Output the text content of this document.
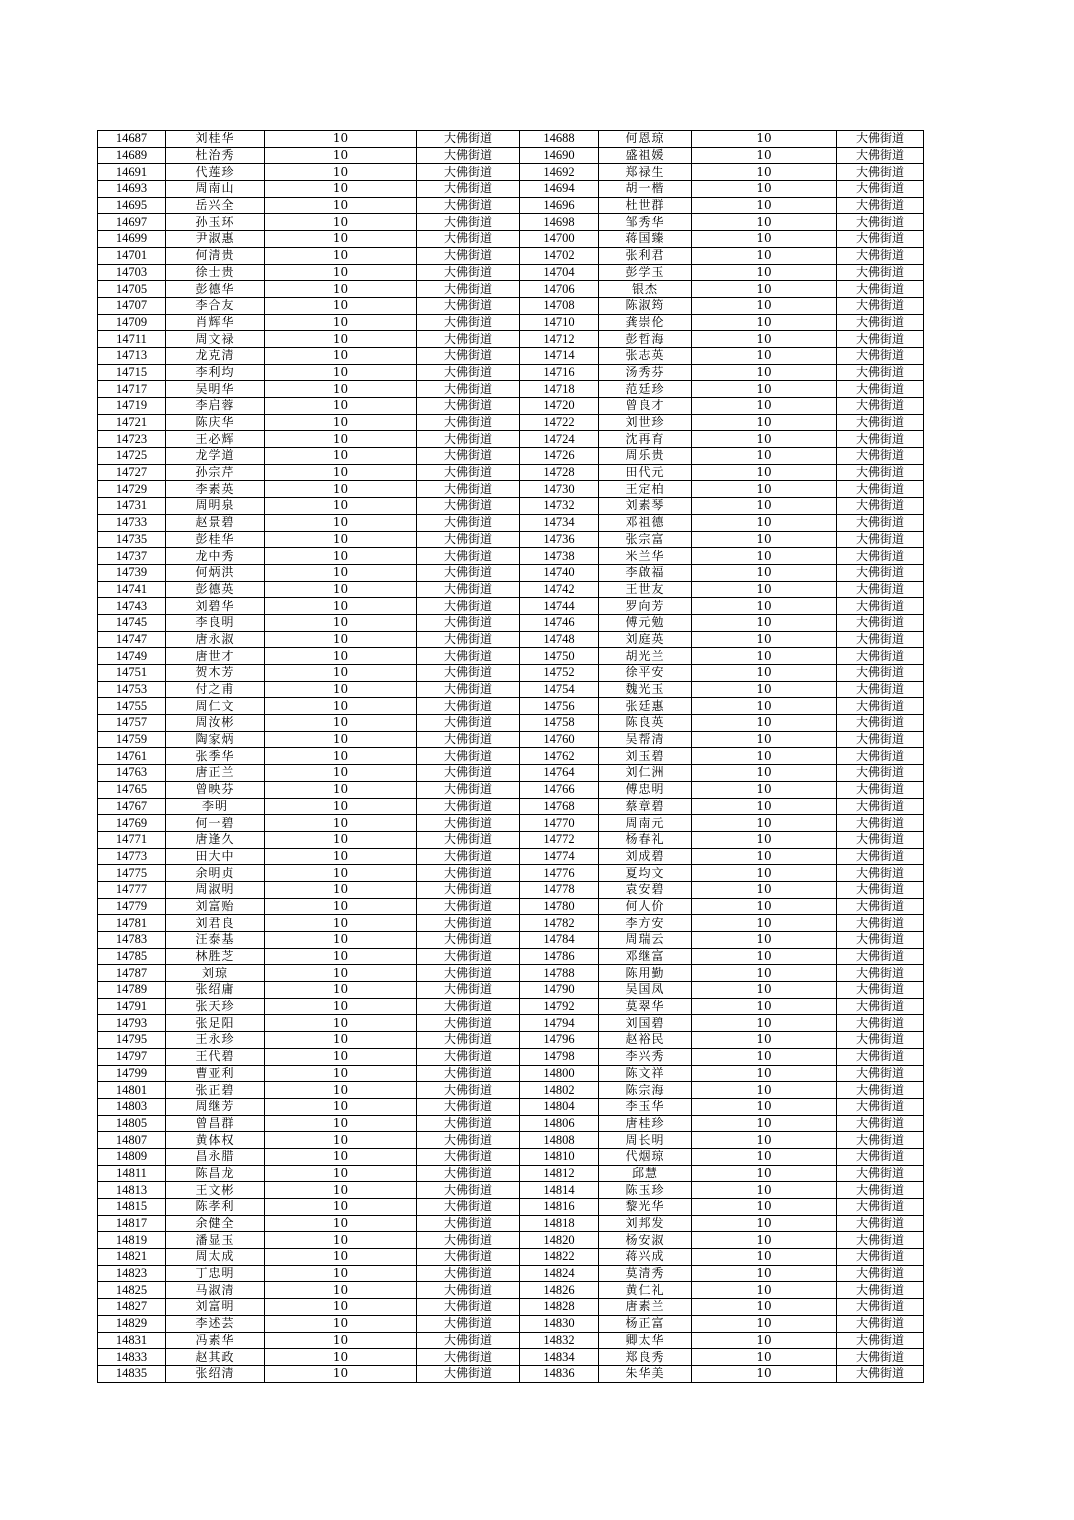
14687	刘桂华	10	大佛街道	14688	何恩琼	10	大佛街道
14689	杜治秀	10	大佛街道	14690	盛祖媛	10	大佛街道
14691	代莲珍	10	大佛街道	14692	郑禄生	10	大佛街道
14693	周南山	10	大佛街道	14694	胡一楷	10	大佛街道
14695	岳兴全	10	大佛街道	14696	杜世群	10	大佛街道
14697	孙玉环	10	大佛街道	14698	邹秀华	10	大佛街道
14699	尹淑惠	10	大佛街道	14700	蒋国臻	10	大佛街道
14701	何清贵	10	大佛街道	14702	张利君	10	大佛街道
14703	徐士贵	10	大佛街道	14704	彭学玉	10	大佛街道
14705	彭德华	10	大佛街道	14706	银杰	10	大佛街道
14707	李合友	10	大佛街道	14708	陈淑筠	10	大佛街道
14709	肖辉华	10	大佛街道	14710	龚崇伦	10	大佛街道
14711	周文禄	10	大佛街道	14712	彭哲海	10	大佛街道
14713	龙克清	10	大佛街道	14714	张志英	10	大佛街道
14715	李利均	10	大佛街道	14716	汤秀芬	10	大佛街道
14717	吴明华	10	大佛街道	14718	范廷珍	10	大佛街道
14719	李启蓉	10	大佛街道	14720	曾良才	10	大佛街道
14721	陈庆华	10	大佛街道	14722	刘世珍	10	大佛街道
14723	王必辉	10	大佛街道	14724	沈再育	10	大佛街道
14725	龙学道	10	大佛街道	14726	周乐贵	10	大佛街道
14727	孙宗芹	10	大佛街道	14728	田代元	10	大佛街道
14729	李素英	10	大佛街道	14730	王定柏	10	大佛街道
14731	周明泉	10	大佛街道	14732	刘素琴	10	大佛街道
14733	赵景碧	10	大佛街道	14734	邓祖德	10	大佛街道
14735	彭桂华	10	大佛街道	14736	张宗富	10	大佛街道
14737	龙中秀	10	大佛街道	14738	米兰华	10	大佛街道
14739	何炳洪	10	大佛街道	14740	李啟福	10	大佛街道
14741	彭德英	10	大佛街道	14742	王世友	10	大佛街道
14743	刘碧华	10	大佛街道	14744	罗向芳	10	大佛街道
14745	李良明	10	大佛街道	14746	傅元勉	10	大佛街道
14747	唐永淑	10	大佛街道	14748	刘庭英	10	大佛街道
14749	唐世才	10	大佛街道	14750	胡光兰	10	大佛街道
14751	贺木芳	10	大佛街道	14752	徐平安	10	大佛街道
14753	付之甫	10	大佛街道	14754	魏光玉	10	大佛街道
14755	周仁文	10	大佛街道	14756	张廷惠	10	大佛街道
14757	周汝彬	10	大佛街道	14758	陈良英	10	大佛街道
14759	陶家炳	10	大佛街道	14760	吴帮清	10	大佛街道
14761	张季华	10	大佛街道	14762	刘玉碧	10	大佛街道
14763	唐正兰	10	大佛街道	14764	刘仁洲	10	大佛街道
14765	曾映芬	10	大佛街道	14766	傅忠明	10	大佛街道
14767	李明	10	大佛街道	14768	蔡章碧	10	大佛街道
14769	何一碧	10	大佛街道	14770	周南元	10	大佛街道
14771	唐逢久	10	大佛街道	14772	杨春礼	10	大佛街道
14773	田大中	10	大佛街道	14774	刘成碧	10	大佛街道
14775	余明贞	10	大佛街道	14776	夏均文	10	大佛街道
14777	周淑明	10	大佛街道	14778	袁安碧	10	大佛街道
14779	刘富贻	10	大佛街道	14780	何人价	10	大佛街道
14781	刘君良	10	大佛街道	14782	李方安	10	大佛街道
14783	汪泰基	10	大佛街道	14784	周瑞云	10	大佛街道
14785	林胜芝	10	大佛街道	14786	邓继富	10	大佛街道
14787	刘琼	10	大佛街道	14788	陈用勤	10	大佛街道
14789	张绍庸	10	大佛街道	14790	吴国凤	10	大佛街道
14791	张天珍	10	大佛街道	14792	莫翠华	10	大佛街道
14793	张足阳	10	大佛街道	14794	刘国碧	10	大佛街道
14795	王永珍	10	大佛街道	14796	赵裕民	10	大佛街道
14797	王代碧	10	大佛街道	14798	李兴秀	10	大佛街道
14799	曹亚利	10	大佛街道	14800	陈文祥	10	大佛街道
14801	张正碧	10	大佛街道	14802	陈宗海	10	大佛街道
14803	周继芳	10	大佛街道	14804	李玉华	10	大佛街道
14805	曾昌群	10	大佛街道	14806	唐桂珍	10	大佛街道
14807	黄体权	10	大佛街道	14808	周长明	10	大佛街道
14809	昌永腊	10	大佛街道	14810	代烟琼	10	大佛街道
14811	陈昌龙	10	大佛街道	14812	邱慧	10	大佛街道
14813	王文彬	10	大佛街道	14814	陈玉珍	10	大佛街道
14815	陈孝利	10	大佛街道	14816	黎光华	10	大佛街道
14817	余健全	10	大佛街道	14818	刘邦发	10	大佛街道
14819	潘显玉	10	大佛街道	14820	杨安淑	10	大佛街道
14821	周太成	10	大佛街道	14822	蒋兴成	10	大佛街道
14823	丁忠明	10	大佛街道	14824	莫清秀	10	大佛街道
14825	马淑清	10	大佛街道	14826	黄仁礼	10	大佛街道
14827	刘富明	10	大佛街道	14828	唐素兰	10	大佛街道
14829	李述芸	10	大佛街道	14830	杨正富	10	大佛街道
14831	冯素华	10	大佛街道	14832	卿太华	10	大佛街道
14833	赵其政	10	大佛街道	14834	郑良秀	10	大佛街道
14835	张绍清	10	大佛街道	14836	朱华美	10	大佛街道
